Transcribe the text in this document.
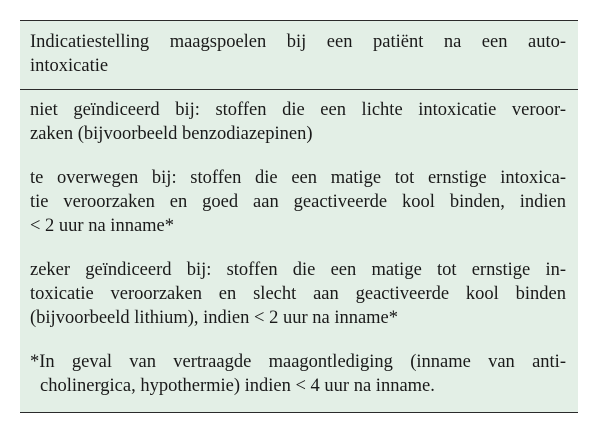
Indicatiestelling maagspoelen bij een patiënt na een auto-
intoxicatie
niet geïndiceerd bij: stoffen die een lichte intoxicatie veroor-
zaken (bijvoorbeeld benzodiazepinen)
te overwegen bij: stoffen die een matige tot ernstige intoxica-
tie veroorzaken en goed aan geactiveerde kool binden, indien
< 2 uur na inname*
zeker geïndiceerd bij: stoffen die een matige tot ernstige in-
toxicatie veroorzaken en slecht aan geactiveerde kool binden
(bijvoorbeeld lithium), indien < 2 uur na inname*
*In geval van vertraagde maagontlediging (inname van anti-
cholinergica, hypothermie) indien < 4 uur na inname.
